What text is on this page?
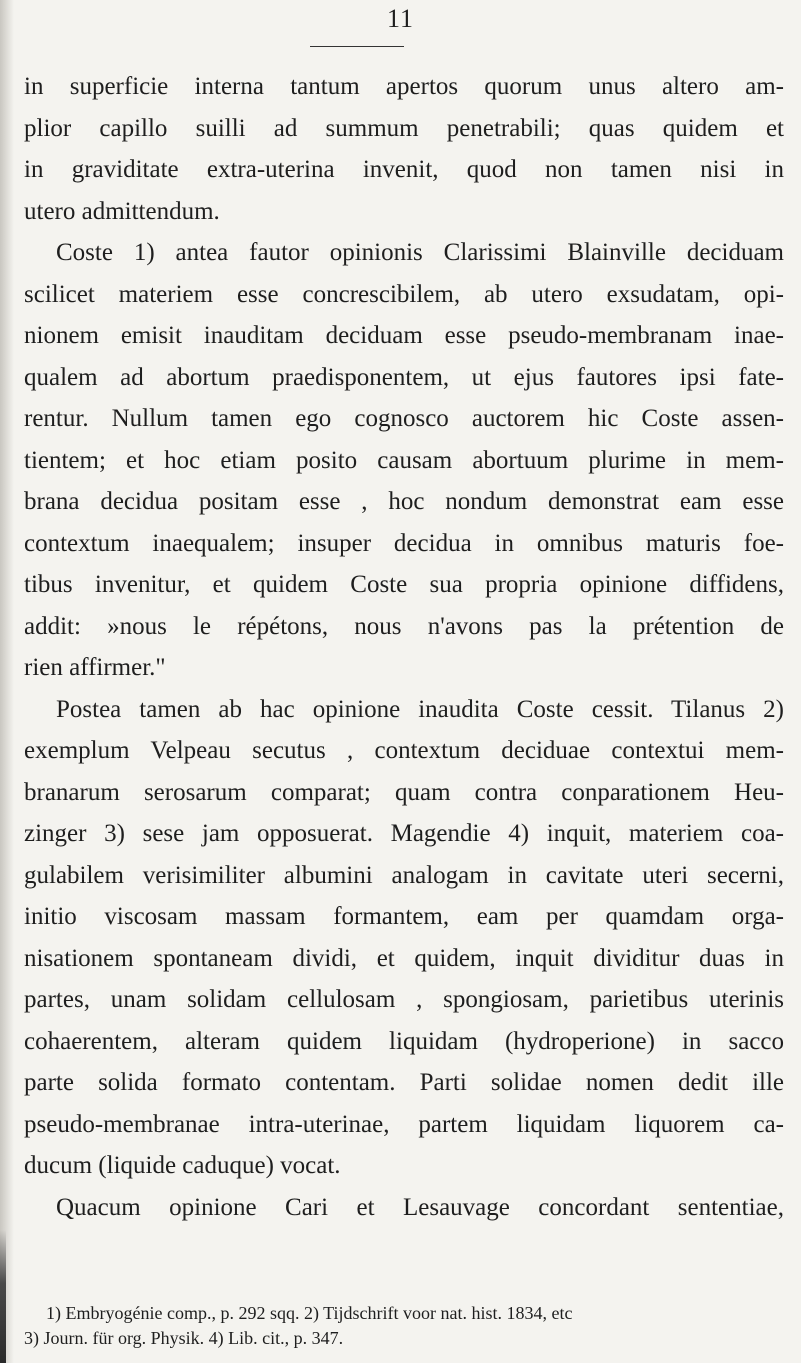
11
in superficie interna tantum apertos quorum unus altero am-
plior capillo suilli ad summum penetrabili; quas quidem et
in graviditate extra-uterina invenit, quod non tamen nisi in
utero admittendum.
Coste 1) antea fautor opinionis Clarissimi Blainville deciduam
scilicet materiem esse concrescibilem, ab utero exsudatam, opi-
nionem emisit inauditam deciduam esse pseudo-membranam inae-
qualem ad abortum praedisponentem, ut ejus fautores ipsi fate-
rentur. Nullum tamen ego cognosco auctorem hic Coste assen-
tientem; et hoc etiam posito causam abortuum plurime in mem-
brana decidua positam esse , hoc nondum demonstrat eam esse
contextum inaequalem; insuper decidua in omnibus maturis foe-
tibus invenitur, et quidem Coste sua propria opinione diffidens,
addit: »nous le répétons, nous n'avons pas la prétention de
rien affirmer."
Postea tamen ab hac opinione inaudita Coste cessit. Tilanus 2)
exemplum Velpeau secutus , contextum deciduae contextui mem-
branarum serosarum comparat; quam contra conparationem Heu-
zinger 3) sese jam opposuerat. Magendie 4) inquit, materiem coa-
gulabilem verisimiliter albumini analogam in cavitate uteri secerni,
initio viscosam massam formantem, eam per quamdam orga-
nisationem spontaneam dividi, et quidem, inquit dividitur duas in
partes, unam solidam cellulosam , spongiosam, parietibus uterinis
cohaerentem, alteram quidem liquidam (hydroperione) in sacco
parte solida formato contentam. Parti solidae nomen dedit ille
pseudo-membranae intra-uterinae, partem liquidam liquorem ca-
ducum (liquide caduque) vocat.
Quacum opinione Cari et Lesauvage concordant sententiae,
1) Embryogénie comp., p. 292 sqq. 2) Tijdschrift voor nat. hist. 1834, etc
3) Journ. für org. Physik. 4) Lib. cit., p. 347.
